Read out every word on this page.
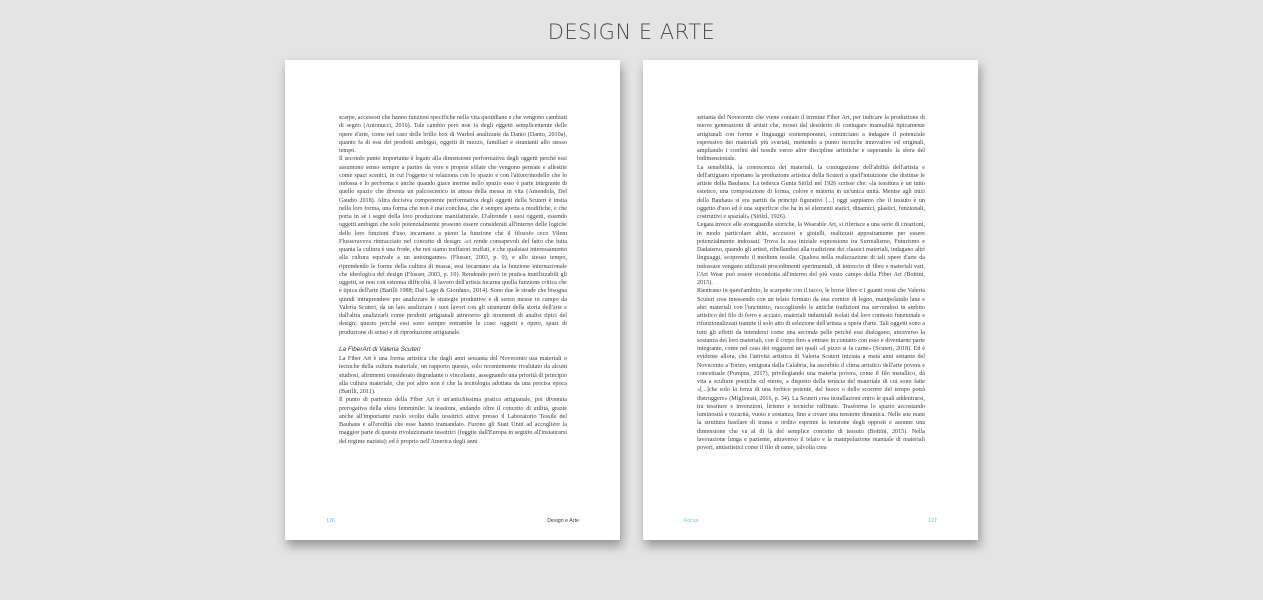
DESIGN E ARTE

scarpe, accessori che hanno funzioni specifiche nella vita quotidiane e che vengono cambiati di segno (Antonucci, 2016). Tale cambio però non fa degli oggetti semplicemente delle opere d'arte, come nel caso delle brillo box di Warhol analizzate da Danto (Danto, 2010a), quanto fa di essi dei prodotti ambigui, oggetti di mezzo, familiari e stranianti allo stesso tempo.

Il secondo punto importante è legato alla dimensione performativa degli oggetti perché essi assumono senso sempre a partire da vere e proprie sfilate che vengono pensate e allestite come spazi scenici, in cui l'oggetto si relaziona con lo spazio e con l'attore/modello che lo indossa e lo performa e anche quando giace inerme nello spazio esso è parte integrante di quello spazio che diventa un palcoscenico in attesa della messa in vita (Amendola, Del Gaudio 2018). Altra decisiva componente performativa degli oggetti della Scuteri è insita nella loro forma, una forma che non è mai conclusa, che è sempre aperta a modifiche, e che porta in sé i segni della loro produzione manifatturale. D'altronde i suoi oggetti, essendo oggetti ambigui che solo potenzialmente possono essere considerati all'interno delle logiche delle loro funzioni d'uso, incarnano a pieno la funzione che il filosofo ceco Vilem Flusseraveva rintracciato nel concetto di design: «ci rende consapevoli del fatto che tutta quanta la cultura è una frode, che noi siamo truffatori truffati, e che qualsiasi interessamento alla cultura equivale a un autoinganno» (Flusser, 2003, p. 9), e allo stesso tempo, riprendendo le forme della cultura di massa, essi incarnano sia la funzione internazionale che ideologica del design (Flusser, 2003, p. 10). Rendendo però in pratica inutilizzabili gli oggetti, se non con estrema difficoltà, il lavoro dell'artista incarna quella funzione critica che è tipica dell'arte (Barilli 1988; Dal Lago & Giordano, 2014). Sono due le strade che bisogna quindi intraprendere per analizzare le strategie produttive e di senso messe in campo da Valeria Scuteri, da un lato analizzare i suoi lavori con gli strumenti della storia dell'arte e dall'altra analizzarli come prodotti artigianali attraverso gli strumenti di analisi tipici del design; questo perché essi sono sempre entrambe le cose: oggetti e opere, spazi di produzione di senso e di riproduzione artigianale.

La FiberArt di Valeria Scuteri

La Fiber Art è una forma artistica che dagli anni sessanta del Novecento usa materiali o tecniche della cultura materiale, un rapporto questo, solo recentemente rivalutato da alcuni studiosi, altrimenti considerato degradante o vincolante, assegnando una priorità di principio alla cultura materiale, che poi altro non è che la tecnologia adottata da una precisa epoca (Barilli, 2011).

Il punto di partenza della Fiber Art è un'antichissima pratica artigianale, poi divenuta prerogativa della sfera femminile: la tessitura, andando oltre il concetto di utilità, grazie anche all'importante ruolo svolto dalle tessitrici attive presso il Laboratorio Tessile del Bauhaus e all'eredità che esse hanno tramandato. Furono gli Stati Uniti ad accogliere la maggior parte di queste rivoluzionarie tessitrici (fuggite dall'Europa in seguito all'instaurarsi del regime nazista); ed è proprio nell'America degli anni

126	Design e Arte

settanta del Novecento che viene coniato il termine Fiber Art, per indicare la produzione di nuove generazioni di artisti che, mossi dal desiderio di coniugare manualità tipicamente artigianali con forme e linguaggi contemporanei, cominciano a indagare il potenziale espressivo dei materiali più svariati, mettendo a punto tecniche innovative ed originali, ampliando i confini del tessile verso altre discipline artistiche e superando la sfera del bidimensionale.

La sensibilità, la conoscenza dei materiali, la coniugazione dell'abilità dell'artista e dell'artigiano riportano la produzione artistica della Scuteri a quell'intuizione che distinse le artiste della Bauhaus. La tedesca Gunta Stölzl nel 1926 scrisse che: «la tessitura è un tutto estetico, una composizione di forma, colore e materia in un'unica unità. Mentre agli inizi della Bauhaus si era partiti da principi figurativi [...] oggi sappiamo che il tessuto è un oggetto d'uso ed è una superficie che ha in sé elementi statici, dinamici, plastici, funzionali, costruttivi e spaziali» (Stölzl, 1926).

Legata invece alle avanguardie storiche, la Wearable Art, si riferisce a una serie di creazioni, in modo particolare abiti, accessori e gioielli, realizzati appositamente per essere potenzialmente indossati. Trova la sua iniziale espressione tra Surrealismo, Futurismo e Dadaismo, quando gli artisti, ribellandosi alla tradizione dei classici materiali, indagano altri linguaggi, scoprendo il medium tessile. Qualora nella realizzazione di tali opere d'arte da indossare vengano utilizzati procedimenti sperimentali, di intreccio di fibre e materiali vari, l'Art Wear può essere ricondotta all'interno del più vasto campo della Fiber Art (Bottini, 2015).

Rientrano in quest'ambito, le scarpette con il tacco, le borse libro e i guanti rossi che Valeria Scuteri crea intessendo con un telaio formato da una cornice di legno, manipolando lane e altri materiali con l'uncinetto, raccogliendo le antiche tradizioni ma servendosi in ambito artistico del filo di ferro e acciaio, materiali industriali isolati dal loro contesto funzionale e rifunzionalizzati tramite il solo atto di selezione dell'artista a opera d'arte. Tali oggetti sono a tutti gli effetti da intendersi come una seconda pelle perché essi dialogano, attraverso la sostanza dei loro materiali, con il corpo fino a entrare in contatto con esso e diventarne parte integrante, come nel caso dei reggiseni nei quali «il pizzo si fa carne» (Scuteri, 2018). Ed è evidente allora, che l'attività artistica di Valeria Scuteri iniziata a metà anni settanta del Novecento a Torino, emigrata dalla Calabria, ha assorbito il clima artistico dell'arte povera e concettuale (Pompus, 2017), privilegiando una materia povera, come il filo metallico, dà vita a sculture poetiche ed eteree, a dispetto della tenacia del materiale di cui sono fatte «[...]che solo la forza di una forbice potente, del fuoco o dello scorrere del tempo potrà distruggere» (Migliorati, 2016, p. 34). La Scuteri crea installazioni entro le quali addentrarsi, tra tessiture e invenzioni, lirismo e tecniche raffinate. Trasforma lo spazio accostando luminosità e oscurità, vuoto e sostanza, fino a creare una tensione dinamica. Nelle sue mani la struttura basilare di trama e ordito esprime la tensione degli opposti e assume una dimensione che va al di là del semplice concetto di tessuto (Bottini, 2015). Nella lavorazione lunga e paziente, attraverso il telaio e la manipolazione manuale di materiali poveri, antiartistici come il filo di rame, talvolta crea

Focus	127
